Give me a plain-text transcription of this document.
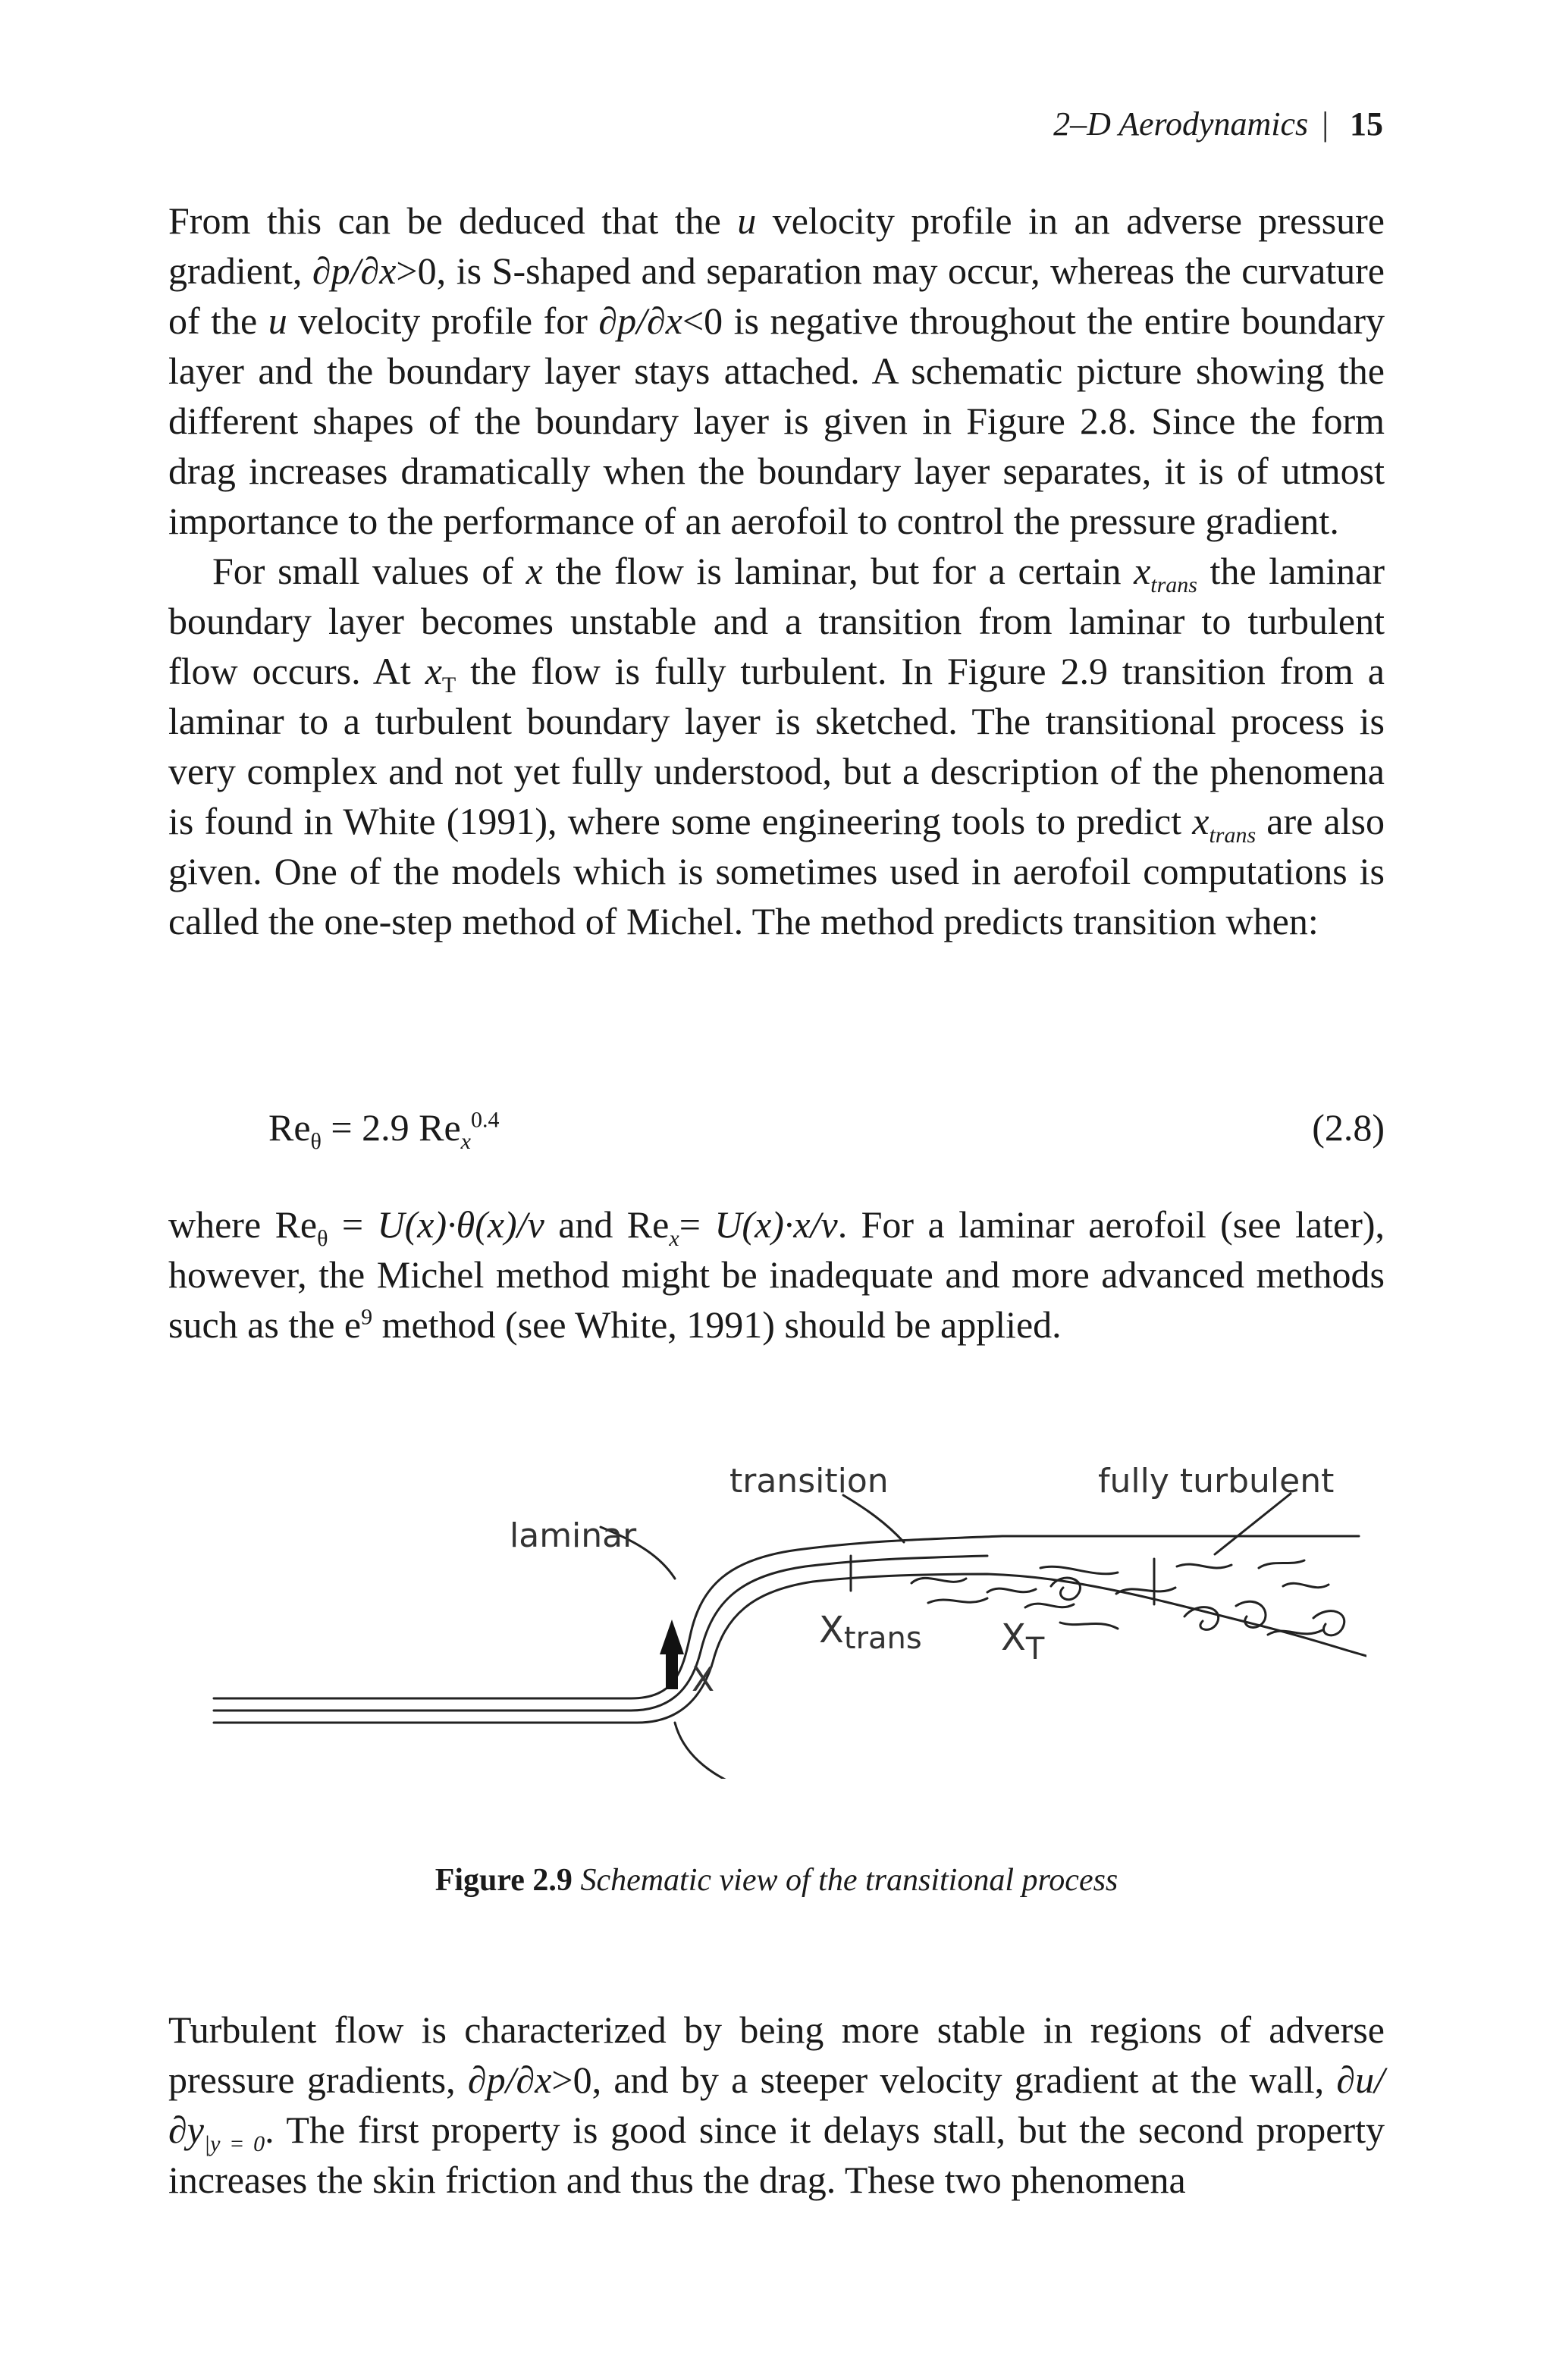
2–D Aerodynamics | 15

From this can be deduced that the u velocity profile in an adverse pressure gradient, ∂p/∂x>0, is S-shaped and separation may occur, whereas the curvature of the u velocity profile for ∂p/∂x<0 is negative throughout the entire boundary layer and the boundary layer stays attached. A schematic picture showing the different shapes of the boundary layer is given in Figure 2.8. Since the form drag increases dramatically when the boundary layer separates, it is of utmost importance to the performance of an aerofoil to control the pressure gradient.

For small values of x the flow is laminar, but for a certain $x_{trans}$ the laminar boundary layer becomes unstable and a transition from laminar to turbulent flow occurs. At $x_T$ the flow is fully turbulent. In Figure 2.9 transition from a laminar to a turbulent boundary layer is sketched. The transitional process is very complex and not yet fully understood, but a description of the phenomena is found in White (1991), where some engineering tools to predict $x_{trans}$ are also given. One of the models which is sometimes used in aerofoil computations is called the one-step method of Michel. The method predicts transition when:

$Re_\theta = 2.9$ $Re_x^{0.4}$	(2.8)

where $Re_\theta = U(x)\cdot\theta(x)/\nu$ and $Re_x= U(x)\cdot x/\nu$. For a laminar aerofoil (see later), however, the Michel method might be inadequate and more advanced methods such as the $e^9$ method (see White, 1991) should be applied.

laminar
transition	fully turbulent
Xtrans $X_T$
X
Figure 2.9 Schematic view of the transitional process

Turbulent flow is characterized by being more stable in regions of adverse pressure gradients, ∂p/∂x>0, and by a steeper velocity gradient at the wall, $\partial u/\partial y_{|y = 0}$. The first property is good since it delays stall, but the second property increases the skin friction and thus the drag. These two phenomena
